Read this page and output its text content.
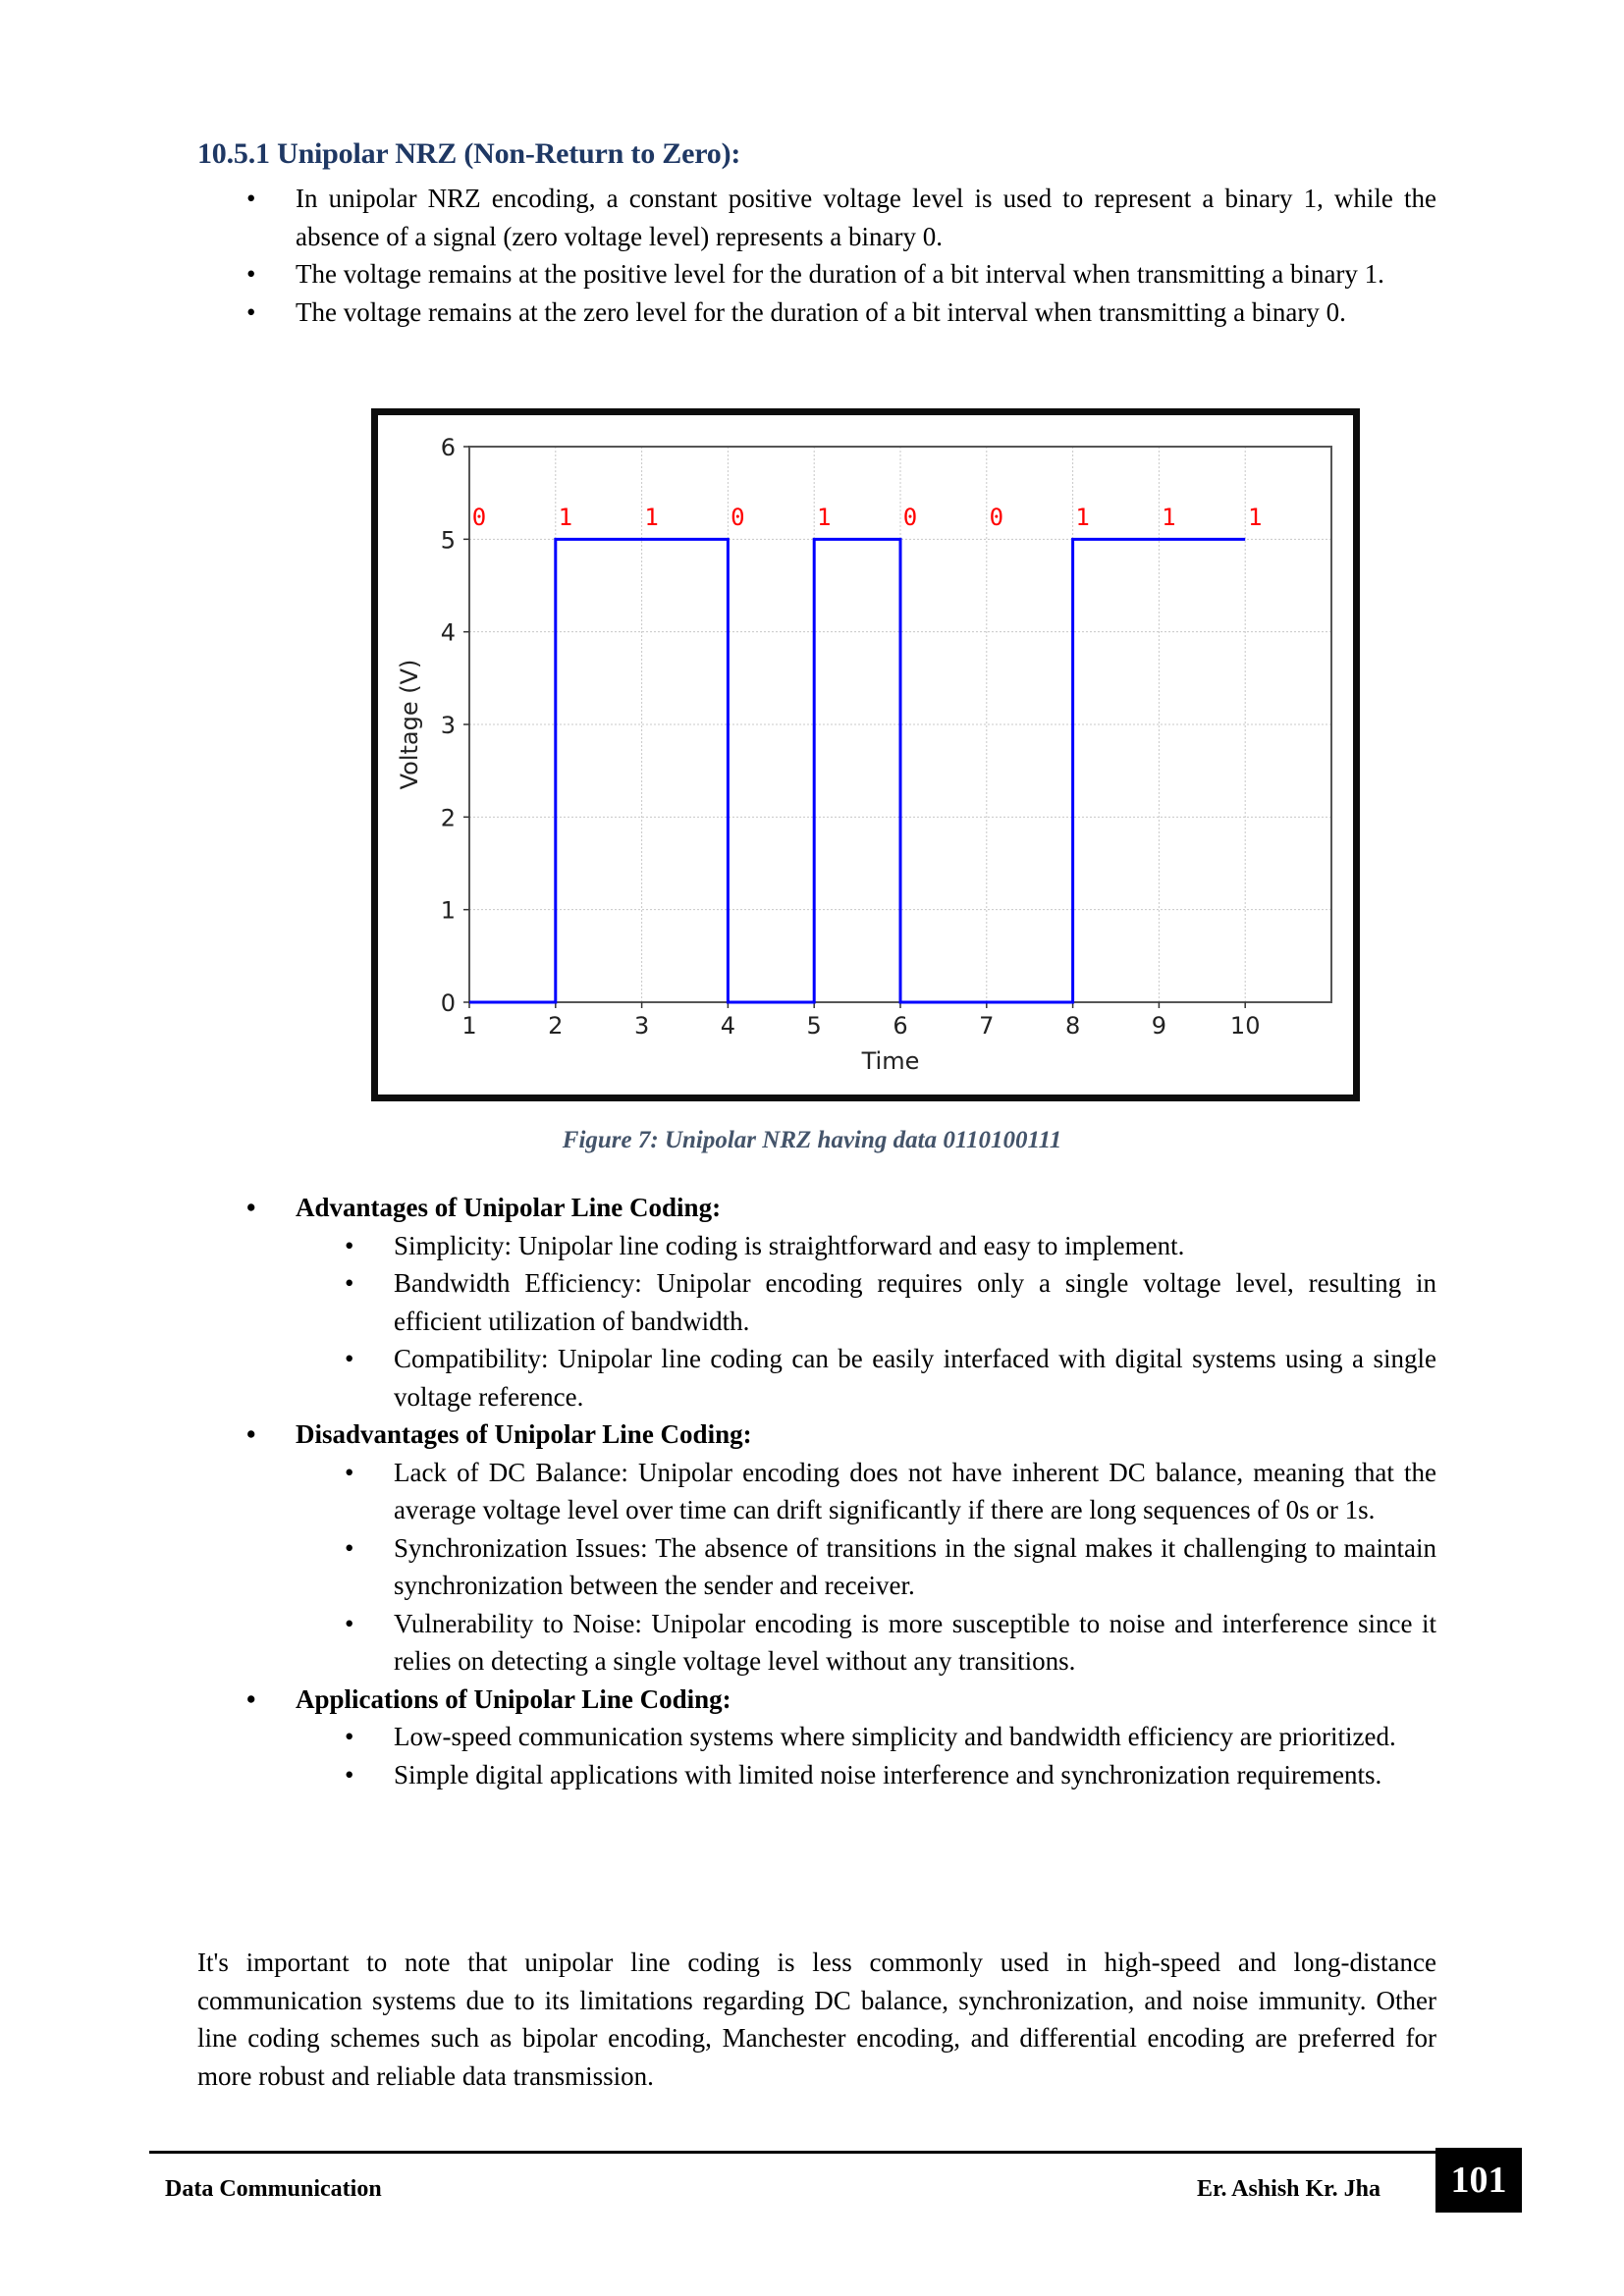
10.5.1 Unipolar NRZ (Non-Return to Zero):
• In unipolar NRZ encoding, a constant positive voltage level is used to represent a binary 1, while the absence of a signal (zero voltage level) represents a binary 0.
• The voltage remains at the positive level for the duration of a bit interval when transmitting a binary 1.
• The voltage remains at the zero level for the duration of a bit interval when transmitting a binary 0.
1	2	3	4	5	6	7	8	9	10
0
1
2
3
4
5
6
Time
Voltage (V)
0	1	1	0	1	0	0	1	1	1
Figure 7: Unipolar NRZ having data 0110100111
• Advantages of Unipolar Line Coding:
• Simplicity: Unipolar line coding is straightforward and easy to implement.
• Bandwidth Efficiency: Unipolar encoding requires only a single voltage level, resulting in efficient utilization of bandwidth.
• Compatibility: Unipolar line coding can be easily interfaced with digital systems using a single voltage reference.
• Disadvantages of Unipolar Line Coding:
• Lack of DC Balance: Unipolar encoding does not have inherent DC balance, meaning that the average voltage level over time can drift significantly if there are long sequences of 0s or 1s.
• Synchronization Issues: The absence of transitions in the signal makes it challenging to maintain synchronization between the sender and receiver.
• Vulnerability to Noise: Unipolar encoding is more susceptible to noise and interference since it relies on detecting a single voltage level without any transitions.
• Applications of Unipolar Line Coding:
• Low-speed communication systems where simplicity and bandwidth efficiency are prioritized.
• Simple digital applications with limited noise interference and synchronization requirements.

It's important to note that unipolar line coding is less commonly used in high-speed and long-distance communication systems due to its limitations regarding DC balance, synchronization, and noise immunity. Other line coding schemes such as bipolar encoding, Manchester encoding, and differential encoding are preferred for more robust and reliable data transmission.

Data Communication	Er. Ashish Kr. Jha	101
